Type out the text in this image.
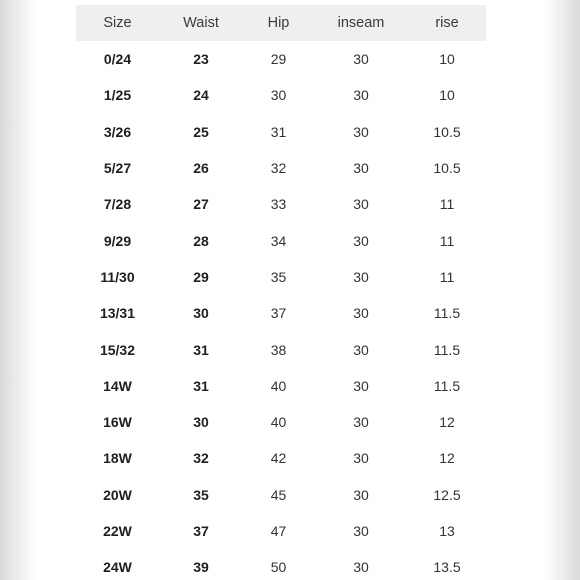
Size	Waist	Hip	inseam	rise
0/24	23	29	30	10
1/25	24	30	30	10
3/26	25	31	30	10.5
5/27	26	32	30	10.5
7/28	27	33	30	11
9/29	28	34	30	11
11/30	29	35	30	11
13/31	30	37	30	11.5
15/32	31	38	30	11.5
14W	31	40	30	11.5
16W	30	40	30	12
18W	32	42	30	12
20W	35	45	30	12.5
22W	37	47	30	13
24W	39	50	30	13.5
